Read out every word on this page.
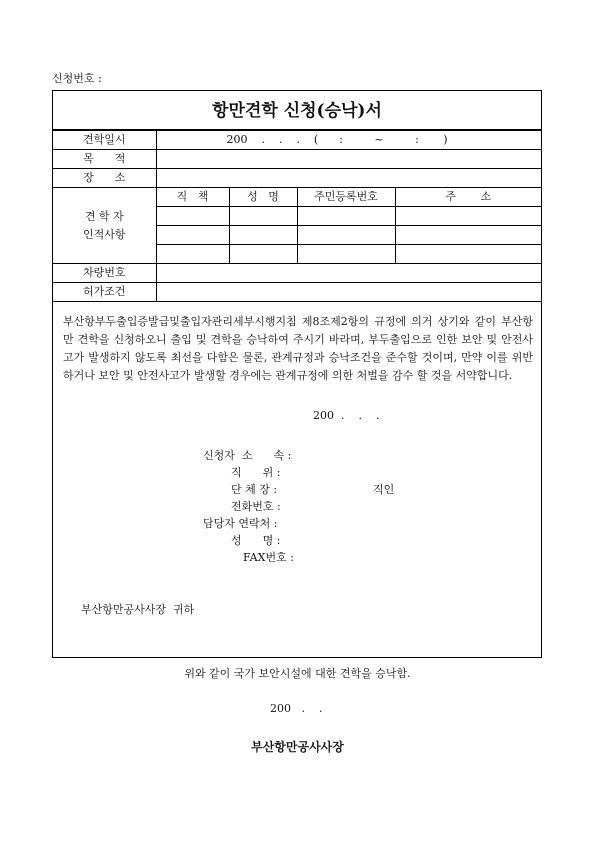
신청번호 :
항만견학 신청(승낙)서
견학일시	200    .    .    .    (      :         ~         :       )			
목      적				
장      소				
견 학 자
인적사항	직   책	성   명	주민등록번호	주       소

차량번호				
허가조건				
부산항부두출입증발급및출입자관리세부시행지침 제8조제2항의 규정에 의거 상기와 같이 부산항만 견학을 신청하오니 출입 및 견학을 승낙하여 주시기 바라며, 부두출입으로 인한 보안 및 안전사고가 발생하지 않도록 최선을 다함은 물론, 관계규정과 승낙조건을 준수할 것이며, 만약 이를 위반하거나 보안 및 안전사고가 발생할 경우에는 관계규정에 의한 처벌을 감수 할 것을 서약합니다.
200  .    .    .
신청자  소      속 :
직      위 :
단 체 장 :	직인
전화번호 :
담당자 연락처 :
성      명 :
FAX번호 :
부산항만공사사장  귀하
위와 같이 국가 보안시설에 대한 견학을 승낙함.
200   .    .
부산항만공사사장
